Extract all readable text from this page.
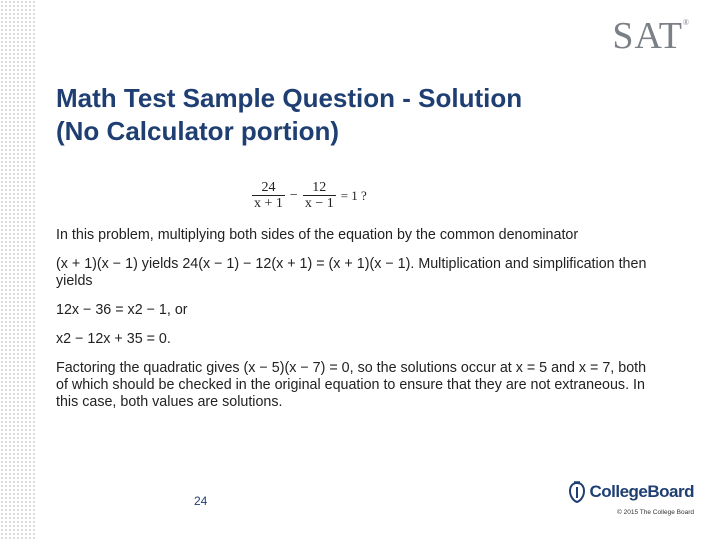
SAT®
Math Test Sample Question - Solution
(No Calculator portion)
$\frac{24}{x + 1} - \frac{12}{x - 1} = 1$ ?

In this problem, multiplying both sides of the equation by the common denominator

(x + 1)(x − 1) yields 24(x − 1) − 12(x + 1) = (x + 1)(x − 1). Multiplication and simplification then yields

12x − 36 = x2 − 1, or

x2 − 12x + 35 = 0.

Factoring the quadratic gives (x − 5)(x − 7) = 0, so the solutions occur at x = 5 and x = 7, both of which should be checked in the original equation to ensure that they are not extraneous. In this case, both values are solutions.

24	CollegeBoard
© 2015 The College Board
